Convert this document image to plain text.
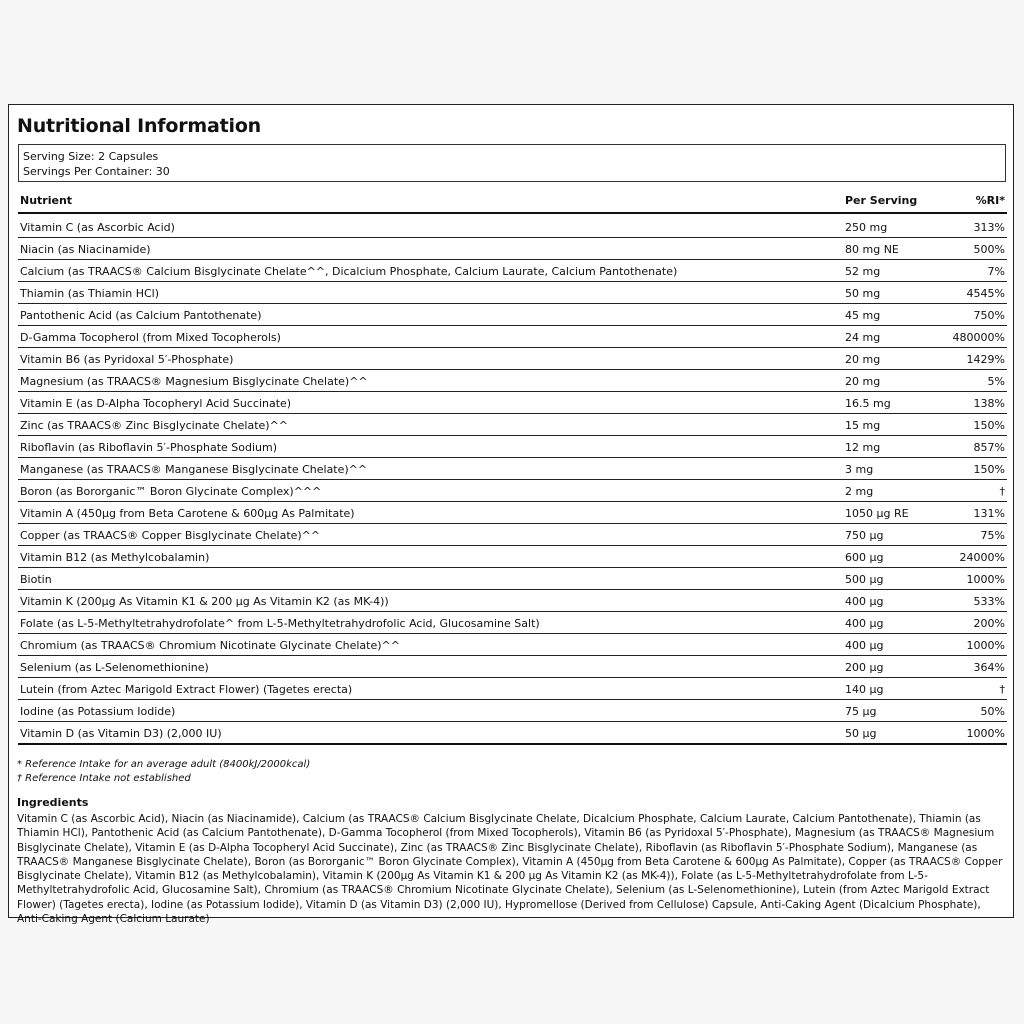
Nutritional Information
Serving Size: 2 Capsules
Servings Per Container: 30
Nutrient	Per Serving	%RI*
Vitamin C (as Ascorbic Acid)	250 mg	313%
Niacin (as Niacinamide)	80 mg NE	500%
Calcium (as TRAACS® Calcium Bisglycinate Chelate^^, Dicalcium Phosphate, Calcium Laurate, Calcium Pantothenate)	52 mg	7%
Thiamin (as Thiamin HCl)	50 mg	4545%
Pantothenic Acid (as Calcium Pantothenate)	45 mg	750%
D-Gamma Tocopherol (from Mixed Tocopherols)	24 mg	480000%
Vitamin B6 (as Pyridoxal 5′-Phosphate)	20 mg	1429%
Magnesium (as TRAACS® Magnesium Bisglycinate Chelate)^^	20 mg	5%
Vitamin E (as D-Alpha Tocopheryl Acid Succinate)	16.5 mg	138%
Zinc (as TRAACS® Zinc Bisglycinate Chelate)^^	15 mg	150%
Riboflavin (as Riboflavin 5′-Phosphate Sodium)	12 mg	857%
Manganese (as TRAACS® Manganese Bisglycinate Chelate)^^	3 mg	150%
Boron (as Bororganic™ Boron Glycinate Complex)^^^	2 mg	†
Vitamin A (450µg from Beta Carotene & 600µg As Palmitate)	1050 µg RE	131%
Copper (as TRAACS® Copper Bisglycinate Chelate)^^	750 µg	75%
Vitamin B12 (as Methylcobalamin)	600 µg	24000%
Biotin	500 µg	1000%
Vitamin K (200µg As Vitamin K1 & 200 µg As Vitamin K2 (as MK-4))	400 µg	533%
Folate (as L-5-Methyltetrahydrofolate^ from L-5-Methyltetrahydrofolic Acid, Glucosamine Salt)	400 µg	200%
Chromium (as TRAACS® Chromium Nicotinate Glycinate Chelate)^^	400 µg	1000%
Selenium (as L-Selenomethionine)	200 µg	364%
Lutein (from Aztec Marigold Extract Flower) (Tagetes erecta)	140 µg	†
Iodine (as Potassium Iodide)	75 µg	50%
Vitamin D (as Vitamin D3) (2,000 IU)	50 µg	1000%
* Reference Intake for an average adult (8400kJ/2000kcal)
† Reference Intake not established
Ingredients
Vitamin C (as Ascorbic Acid), Niacin (as Niacinamide), Calcium (as TRAACS® Calcium Bisglycinate Chelate, Dicalcium Phosphate, Calcium Laurate, Calcium Pantothenate), Thiamin (as Thiamin HCl), Pantothenic Acid (as Calcium Pantothenate), D-Gamma Tocopherol (from Mixed Tocopherols), Vitamin B6 (as Pyridoxal 5′-Phosphate), Magnesium (as TRAACS® Magnesium Bisglycinate Chelate), Vitamin E (as D-Alpha Tocopheryl Acid Succinate), Zinc (as TRAACS® Zinc Bisglycinate Chelate), Riboflavin (as Riboflavin 5′-Phosphate Sodium), Manganese (as TRAACS® Manganese Bisglycinate Chelate), Boron (as Bororganic™ Boron Glycinate Complex), Vitamin A (450µg from Beta Carotene & 600µg As Palmitate), Copper (as TRAACS® Copper Bisglycinate Chelate), Vitamin B12 (as Methylcobalamin), Vitamin K (200µg As Vitamin K1 & 200 µg As Vitamin K2 (as MK-4)), Folate (as L-5-Methyltetrahydrofolate from L-5-Methyltetrahydrofolic Acid, Glucosamine Salt), Chromium (as TRAACS® Chromium Nicotinate Glycinate Chelate), Selenium (as L-Selenomethionine), Lutein (from Aztec Marigold Extract Flower) (Tagetes erecta), Iodine (as Potassium Iodide), Vitamin D (as Vitamin D3) (2,000 IU), Hypromellose (Derived from Cellulose) Capsule, Anti-Caking Agent (Dicalcium Phosphate), Anti-Caking Agent (Calcium Laurate)
